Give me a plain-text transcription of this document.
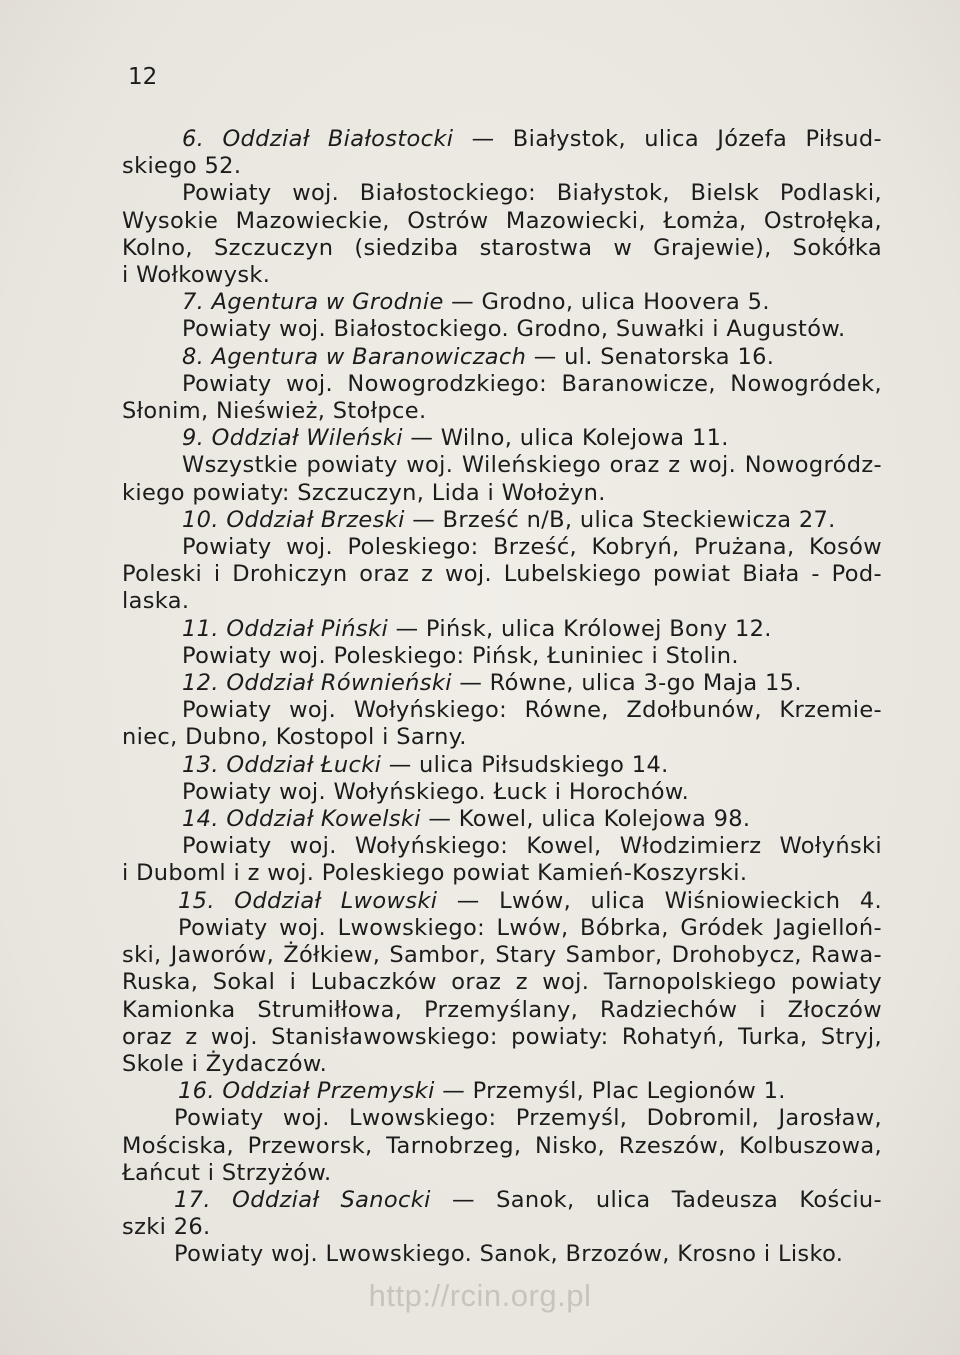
12
6. Oddział Białostocki — Białystok, ulica Józefa Piłsud-
skiego 52.
Powiaty woj. Białostockiego: Białystok, Bielsk Podlaski,
Wysokie Mazowieckie, Ostrów Mazowiecki, Łomża, Ostrołęka,
Kolno, Szczuczyn (siedziba starostwa w Grajewie), Sokółka
i Wołkowysk.
7. Agentura w Grodnie — Grodno, ulica Hoovera 5.
Powiaty woj. Białostockiego. Grodno, Suwałki i Augustów.
8. Agentura w Baranowiczach — ul. Senatorska 16.
Powiaty woj. Nowogrodzkiego: Baranowicze, Nowogródek,
Słonim, Nieśwież, Stołpce.
9. Oddział Wileński — Wilno, ulica Kolejowa 11.
Wszystkie powiaty woj. Wileńskiego oraz z woj. Nowogródz-
kiego powiaty: Szczuczyn, Lida i Wołożyn.
10. Oddział Brzeski — Brześć n/B, ulica Steckiewicza 27.
Powiaty woj. Poleskiego: Brześć, Kobryń, Prużana, Kosów
Poleski i Drohiczyn oraz z woj. Lubelskiego powiat Biała - Pod-
laska.
11. Oddział Piński — Pińsk, ulica Królowej Bony 12.
Powiaty woj. Poleskiego: Pińsk, Łuniniec i Stolin.
12. Oddział Równieński — Równe, ulica 3-go Maja 15.
Powiaty woj. Wołyńskiego: Równe, Zdołbunów, Krzemie-
niec, Dubno, Kostopol i Sarny.
13. Oddział Łucki — ulica Piłsudskiego 14.
Powiaty woj. Wołyńskiego. Łuck i Horochów.
14. Oddział Kowelski — Kowel, ulica Kolejowa 98.
Powiaty woj. Wołyńskiego: Kowel, Włodzimierz Wołyński
i Duboml i z woj. Poleskiego powiat Kamień-Koszyrski.
15. Oddział Lwowski — Lwów, ulica Wiśniowieckich 4.
Powiaty woj. Lwowskiego: Lwów, Bóbrka, Gródek Jagielloń-
ski, Jaworów, Żółkiew, Sambor, Stary Sambor, Drohobycz, Rawa-
Ruska, Sokal i Lubaczków oraz z woj. Tarnopolskiego powiaty
Kamionka Strumiłłowa, Przemyślany, Radziechów i Złoczów
oraz z woj. Stanisławowskiego: powiaty: Rohatyń, Turka, Stryj,
Skole i Żydaczów.
16. Oddział Przemyski — Przemyśl, Plac Legionów 1.
Powiaty woj. Lwowskiego: Przemyśl, Dobromil, Jarosław,
Mościska, Przeworsk, Tarnobrzeg, Nisko, Rzeszów, Kolbuszowa,
Łańcut i Strzyżów.
17. Oddział Sanocki — Sanok, ulica Tadeusza Kościu-
szki 26.
Powiaty woj. Lwowskiego. Sanok, Brzozów, Krosno i Lisko.
http://rcin.org.pl
